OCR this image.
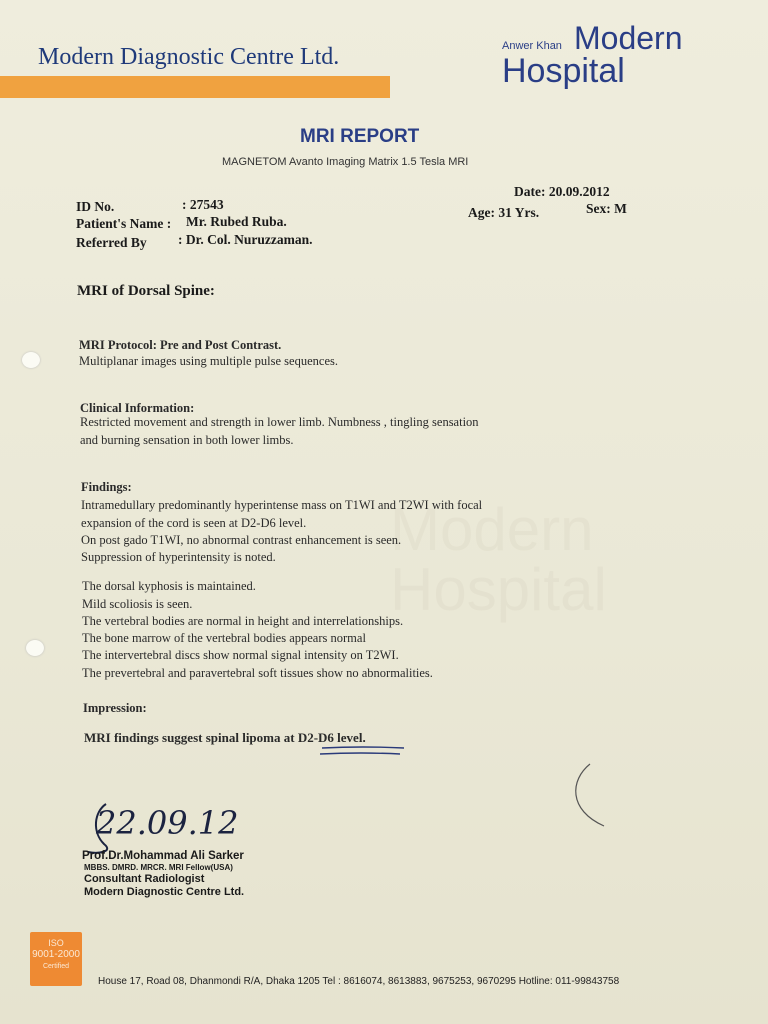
Modern
Hospital
Modern Diagnostic Centre Ltd.	Anwer Khan Modern
Hospital
MRI REPORT
MAGNETOM Avanto Imaging Matrix 1.5 Tesla MRI
ID No.	: 27543
Patient's Name : Mr. Rubed Ruba.
Referred By : Dr. Col. Nuruzzaman.
Date: 20.09.2012
Age: 31 Yrs.	Sex: M
MRI of Dorsal Spine:
MRI Protocol: Pre and Post Contrast.
Multiplanar images using multiple pulse sequences.
Clinical Information:
Restricted movement and strength in lower limb. Numbness , tingling sensation
and burning sensation in both lower limbs.
Findings:
Intramedullary predominantly hyperintense mass on T1WI and T2WI with focal
expansion of the cord is seen at D2-D6 level.
On post gado T1WI, no abnormal contrast enhancement is seen.
Suppression of hyperintensity is noted.
The dorsal kyphosis is maintained.
Mild scoliosis is seen.
The vertebral bodies are normal in height and interrelationships.
The bone marrow of the vertebral bodies appears normal
The intervertebral discs show normal signal intensity on T2WI.
The prevertebral and paravertebral soft tissues show no abnormalities.
Impression:
MRI findings suggest spinal lipoma at D2-D6 level.
22.09.12
Prof.Dr.Mohammad Ali Sarker
MBBS. DMRD. MRCR. MRI Fellow(USA)
Consultant Radiologist
Modern Diagnostic Centre Ltd.
ISO
9001-2000
Certified
House 17, Road 08, Dhanmondi R/A, Dhaka 1205 Tel : 8616074, 8613883, 9675253, 9670295 Hotline: 011-99843758
